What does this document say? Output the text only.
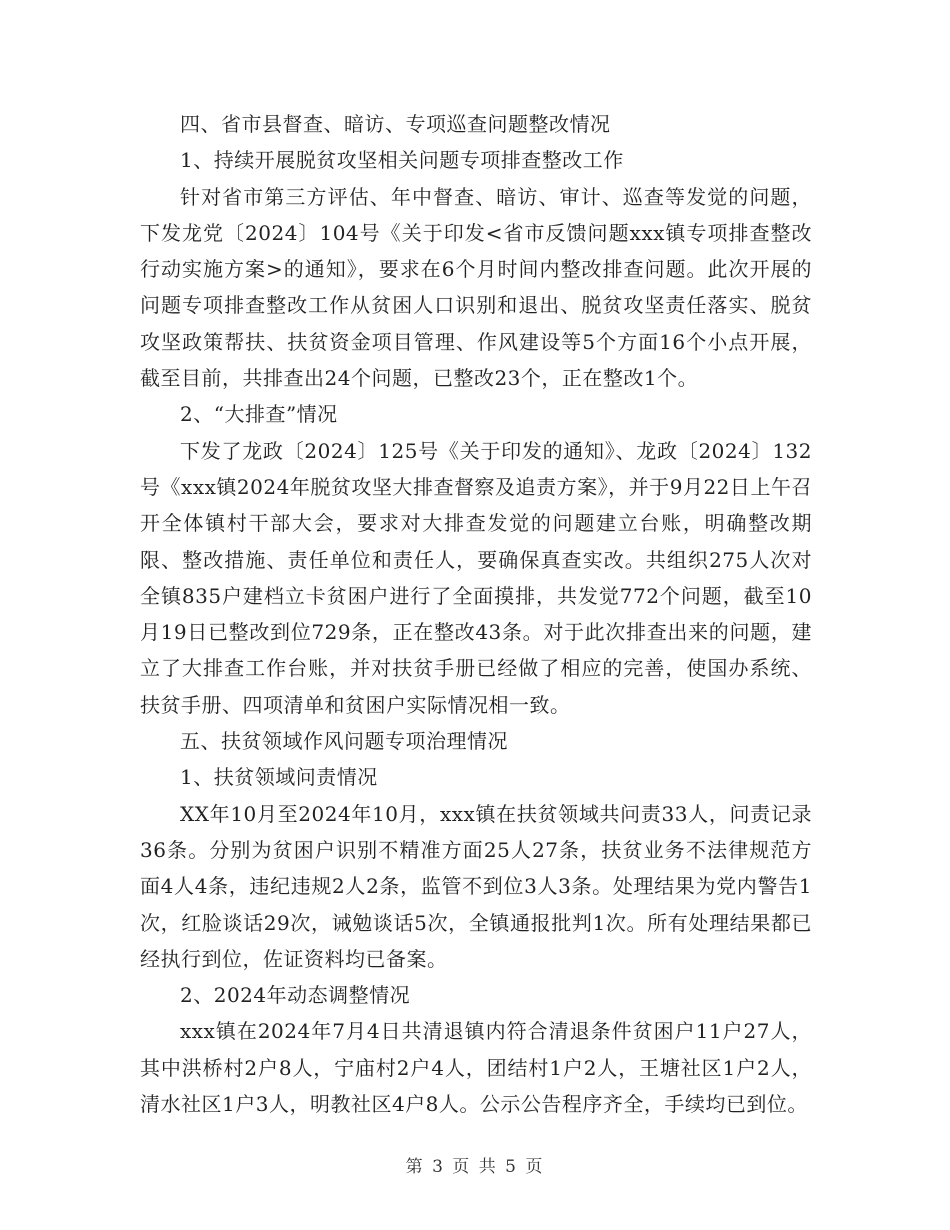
四、省市县督查、暗访、专项巡查问题整改情况

1、持续开展脱贫攻坚相关问题专项排查整改工作

针对省市第三方评估、年中督查、暗访、审计、巡查等发觉的问题，下发龙党〔2024〕104号《关于印发<省市反馈问题xxx镇专项排查整改行动实施方案>的通知》，要求在6个月时间内整改排查问题。此次开展的问题专项排查整改工作从贫困人口识别和退出、脱贫攻坚责任落实、脱贫攻坚政策帮扶、扶贫资金项目管理、作风建设等5个方面16个小点开展，截至目前，共排查出24个问题，已整改23个，正在整改1个。

2、“大排查”情况

下发了龙政〔2024〕125号《关于印发的通知》、龙政〔2024〕132号《xxx镇2024年脱贫攻坚大排查督察及追责方案》，并于9月22日上午召开全体镇村干部大会，要求对大排查发觉的问题建立台账，明确整改期限、整改措施、责任单位和责任人，要确保真查实改。共组织275人次对全镇835户建档立卡贫困户进行了全面摸排，共发觉772个问题，截至10月19日已整改到位729条，正在整改43条。对于此次排查出来的问题，建立了大排查工作台账，并对扶贫手册已经做了相应的完善，使国办系统、扶贫手册、四项清单和贫困户实际情况相一致。

五、扶贫领域作风问题专项治理情况

1、扶贫领域问责情况

XX年10月至2024年10月，xxx镇在扶贫领域共问责33人，问责记录36条。分别为贫困户识别不精准方面25人27条，扶贫业务不法律规范方面4人4条，违纪违规2人2条，监管不到位3人3条。处理结果为党内警告1次，红脸谈话29次，诫勉谈话5次，全镇通报批判1次。所有处理结果都已经执行到位，佐证资料均已备案。

2、2024年动态调整情况

xxx镇在2024年7月4日共清退镇内符合清退条件贫困户11户27人，其中洪桥村2户8人，宁庙村2户4人，团结村1户2人，王塘社区1户2人，清水社区1户3人，明教社区4户8人。公示公告程序齐全，手续均已到位。

第 3 页 共 5 页
